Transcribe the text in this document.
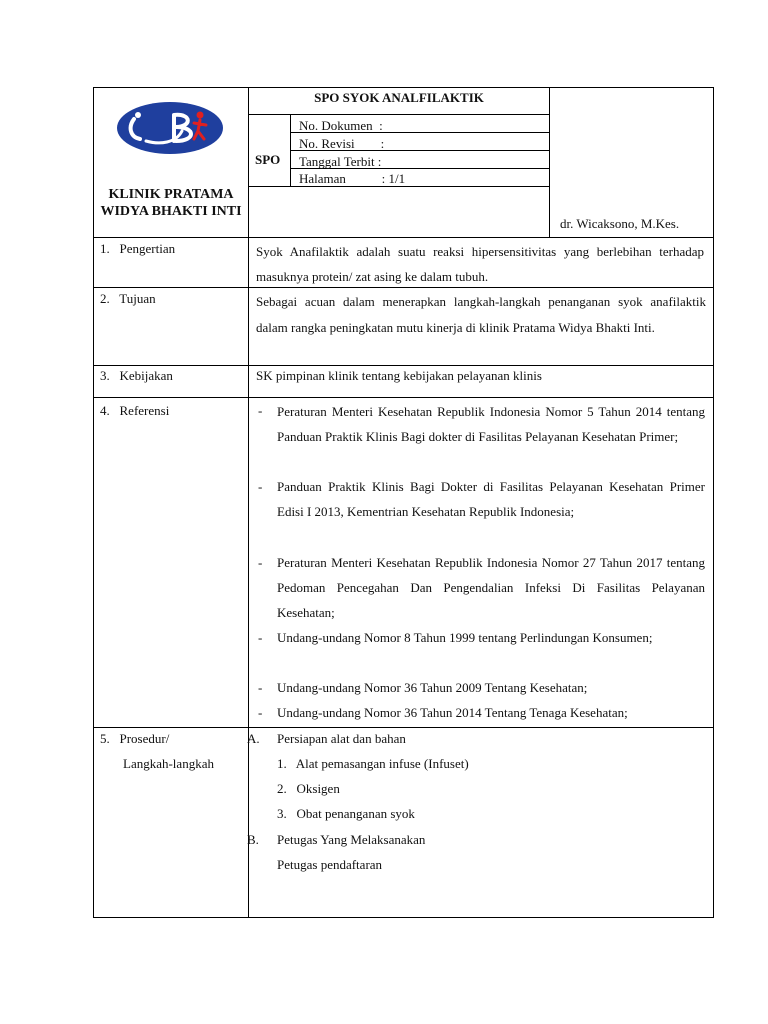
SPO SYOK ANALFILAKTIK
SPO
No. Dokumen  :
No. Revisi        :
Tanggal Terbit :
Halaman           : 1/1
KLINIK PRATAMA WIDYA BHAKTI INTI
dr. Wicaksono, M.Kes.
1.   Pengertian	Syok Anafilaktik adalah suatu reaksi hipersensitivitas yang berlebihan terhadap masuknya protein/ zat asing ke dalam tubuh.
2.   Tujuan	Sebagai acuan dalam menerapkan langkah-langkah penanganan syok anafilaktik dalam rangka peningkatan mutu kinerja di klinik Pratama Widya Bhakti Inti.
3.   Kebijakan	SK pimpinan klinik tentang kebijakan pelayanan klinis
4.   Referensi	- Peraturan Menteri Kesehatan Republik Indonesia Nomor 5 Tahun 2014 tentang Panduan Praktik Klinis Bagi dokter di Fasilitas Pelayanan Kesehatan Primer;
- Panduan Praktik Klinis Bagi Dokter di Fasilitas Pelayanan Kesehatan Primer Edisi I 2013, Kementrian Kesehatan Republik Indonesia;
- Peraturan Menteri Kesehatan Republik Indonesia Nomor 27 Tahun 2017 tentang Pedoman Pencegahan Dan Pengendalian Infeksi Di Fasilitas Pelayanan Kesehatan;
- Undang-undang Nomor 8 Tahun 1999 tentang Perlindungan Konsumen;
- Undang-undang Nomor 36 Tahun 2009 Tentang Kesehatan;
- Undang-undang Nomor 36 Tahun 2014 Tentang Tenaga Kesehatan;
5.   Prosedur/
Langkah-langkah
A. Persiapan alat dan bahan
1.   Alat pemasangan infuse (Infuset)
2.   Oksigen
3.   Obat penanganan syok
B. Petugas Yang Melaksanakan
Petugas pendaftaran
